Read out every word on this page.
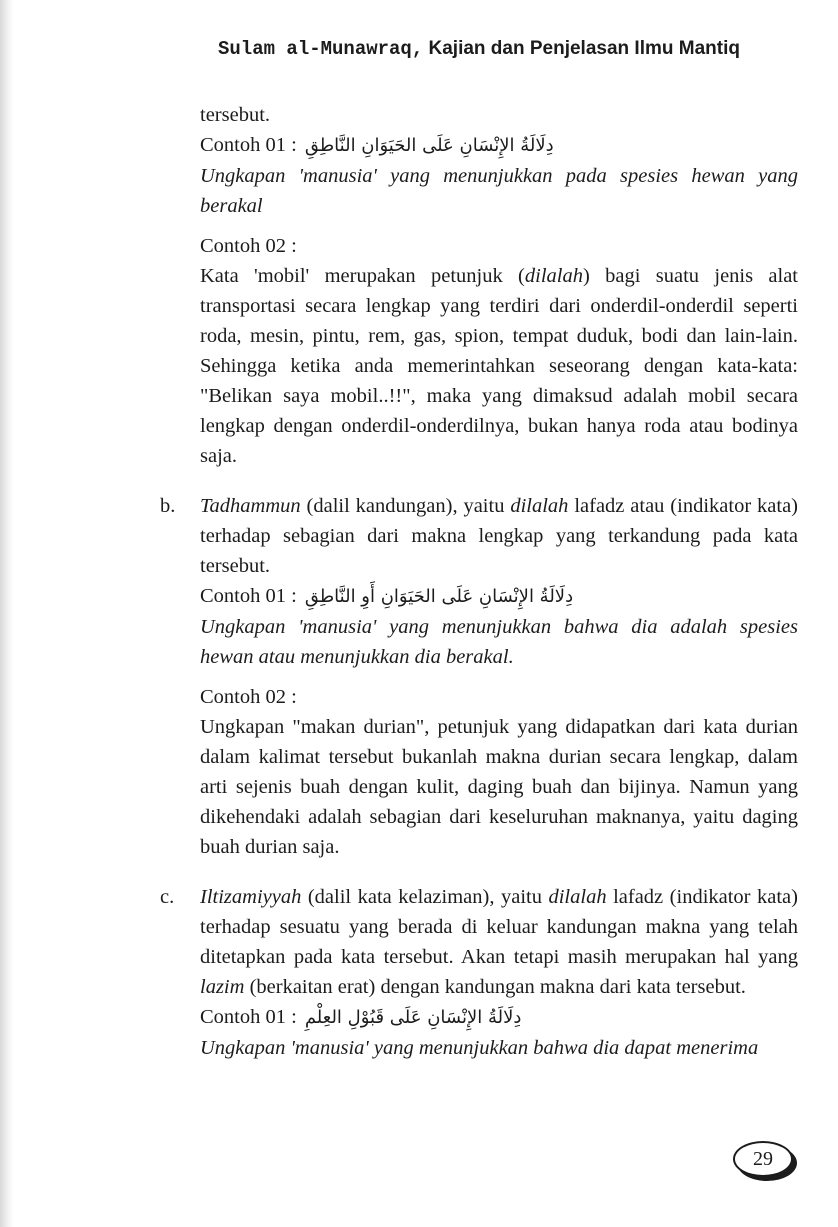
Sulam al-Munawraq, Kajian dan Penjelasan Ilmu Mantiq

tersebut.

Contoh 01 : دِلَالَةُ الإِنْسَانِ عَلَى الحَيَوَانِ النَّاطِقِ

Ungkapan 'manusia' yang menunjukkan pada spesies hewan yang berakal

Contoh 02 :

Kata 'mobil' merupakan petunjuk (dilalah) bagi suatu jenis alat transportasi secara lengkap yang terdiri dari onderdil-onderdil seperti roda, mesin, pintu, rem, gas, spion, tempat duduk, bodi dan lain-lain. Sehingga ketika anda memerintahkan seseorang dengan kata-kata: "Belikan saya mobil..!!", maka yang dimaksud adalah mobil secara lengkap dengan onderdil-onderdilnya, bukan hanya roda atau bodinya saja.

b. Tadhammun (dalil kandungan), yaitu dilalah lafadz atau (indikator kata) terhadap sebagian dari makna lengkap yang terkandung pada kata tersebut.

Contoh 01 : دِلَالَةُ الإِنْسَانِ عَلَى الحَيَوَانِ أَوِ النَّاطِقِ

Ungkapan 'manusia' yang menunjukkan bahwa dia adalah spesies hewan atau menunjukkan dia berakal.

Contoh 02 :

Ungkapan "makan durian", petunjuk yang didapatkan dari kata durian dalam kalimat tersebut bukanlah makna durian secara lengkap, dalam arti sejenis buah dengan kulit, daging buah dan bijinya. Namun yang dikehendaki adalah sebagian dari keseluruhan maknanya, yaitu daging buah durian saja.

c. Iltizamiyyah (dalil kata kelaziman), yaitu dilalah lafadz (indikator kata) terhadap sesuatu yang berada di keluar kandungan makna yang telah ditetapkan pada kata tersebut. Akan tetapi masih merupakan hal yang lazim (berkaitan erat) dengan kandungan makna dari kata tersebut.

Contoh 01 : دِلَالَةُ الإِنْسَانِ عَلَى قَبُوْلِ العِلْمِ

Ungkapan 'manusia' yang menunjukkan bahwa dia dapat menerima

29
